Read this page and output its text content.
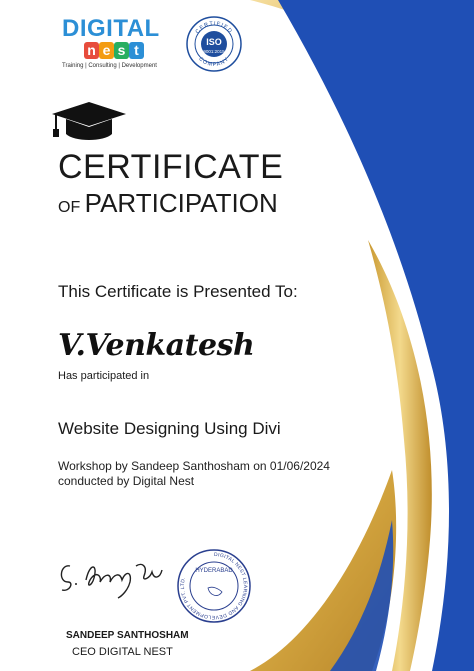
DIGITAL
n e s t
Training | Consulting | Development
CERTIFIED
COMPANY
ISO
9001:2015
CERTIFICATE
OF PARTICIPATION
This Certificate is Presented To:
V.Venkatesh
Has participated in
Website Designing Using Divi
Workshop by Sandeep Santhosham on 01/06/2024 conducted by Digital Nest
DIGITAL NEST LEARNING AND DEVELOPMENT PVT. LTD.
HYDERABAD
SANDEEP SANTHOSHAM
CEO DIGITAL NEST
